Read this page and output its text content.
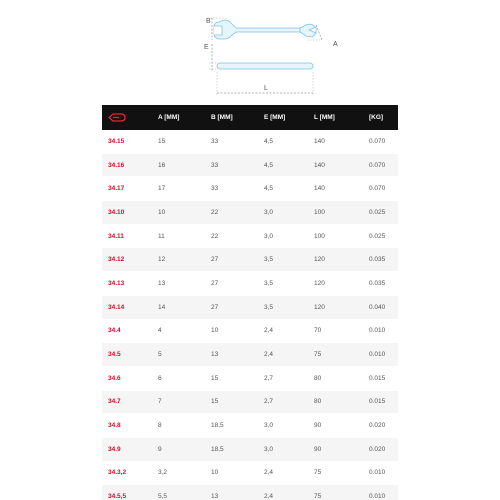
B
E	A
L
	A [MM]	B [MM]	E [MM]	L [MM]	[KG]
34.15	15	33	4,5	140	0.070
34.16	16	33	4,5	140	0.070
34.17	17	33	4,5	140	0.070
34.10	10	22	3,0	100	0.025
34.11	11	22	3,0	100	0.025
34.12	12	27	3,5	120	0.035
34.13	13	27	3,5	120	0.035
34.14	14	27	3,5	120	0.040
34.4	4	10	2,4	70	0.010
34.5	5	13	2,4	75	0.010
34.6	6	15	2,7	80	0.015
34.7	7	15	2,7	80	0.015
34.8	8	18,5	3,0	90	0.020
34.9	9	18,5	3,0	90	0.020
34.3,2	3,2	10	2,4	75	0.010
34.5,5	5,5	13	2,4	75	0.010
